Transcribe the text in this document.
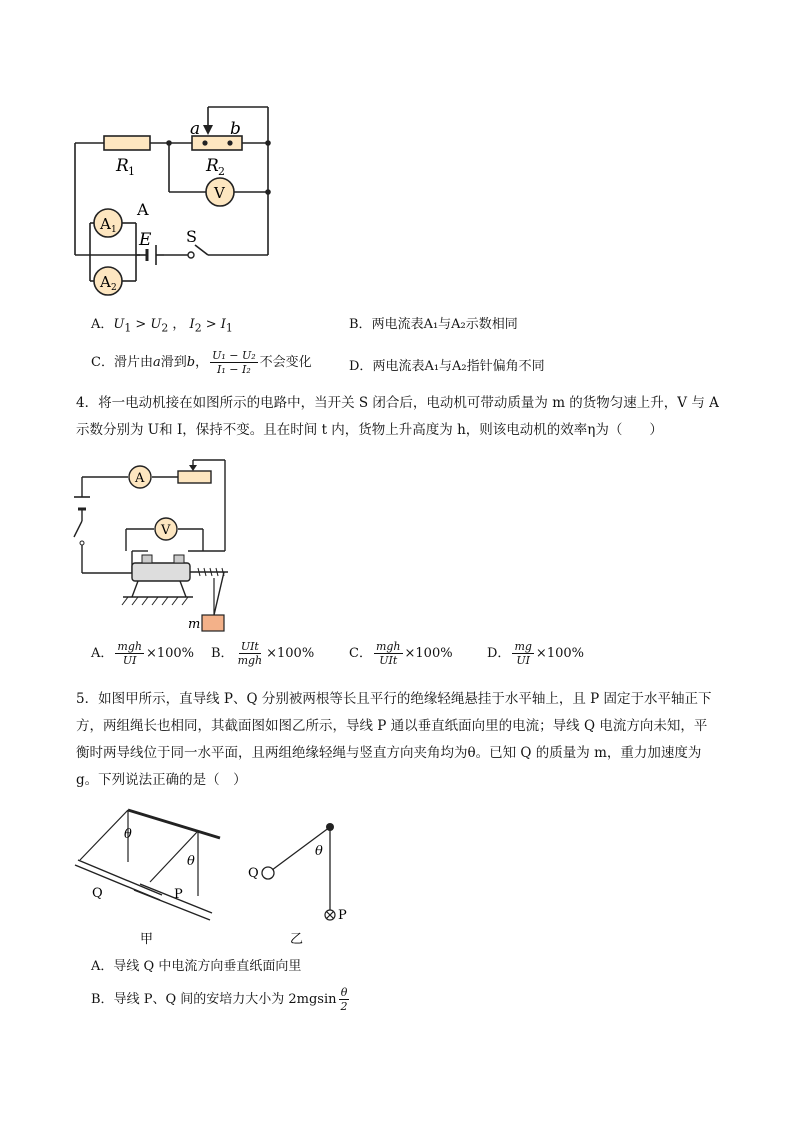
R 1	R 2
a b
V
A 1
A 2
A
E S
A．$U_1 > U_2$ ， $I_2 > I_1$	B．两电流表A₁与A₂示数相同
C． 滑片由 a 滑到 b ， $\frac{\text{U₁ − U₂}}{\text{I₁ − I₂}}$ 不会变化	D．两电流表A₁与A₂指针偏角不同
4．将一电动机接在如图所示的电路中，当开关 S 闭合后，电动机可带动质量为 m 的货物匀速上升，V 与 A
示数分别为 U和 I，保持不变。且在时间 t 内，货物上升高度为 h，则该电动机的效率η为（　　）
A
V
m
A． $\frac{\text{mgh}}{UI} \times 100\%$ B． $\frac{\text{UIt}}{\text{mgh}} \times 100\%$	C． $\frac{\text{mgh}}{\text{UIt}} \times 100\%$	D． $\frac{mg}{UI} \times 100\%$
5．如图甲所示，直导线 P、Q 分别被两根等长且平行的绝缘轻绳悬挂于水平轴上，且 P 固定于水平轴正下
方，两组绳长也相同，其截面图如图乙所示，导线 P 通以垂直纸面向里的电流；导线 Q 电流方向未知，平
衡时两导线位于同一水平面，且两组绝缘轻绳与竖直方向夹角均为θ。已知 Q 的质量为 m，重力加速度为
g。下列说法正确的是（　）
θ
θ
Q	P
甲
θ
Q
P
乙
A．导线 Q 中电流方向垂直纸面向里
B． 导线 P、Q 间的安培力大小为 $2mgsin \frac{\theta}{2}$
